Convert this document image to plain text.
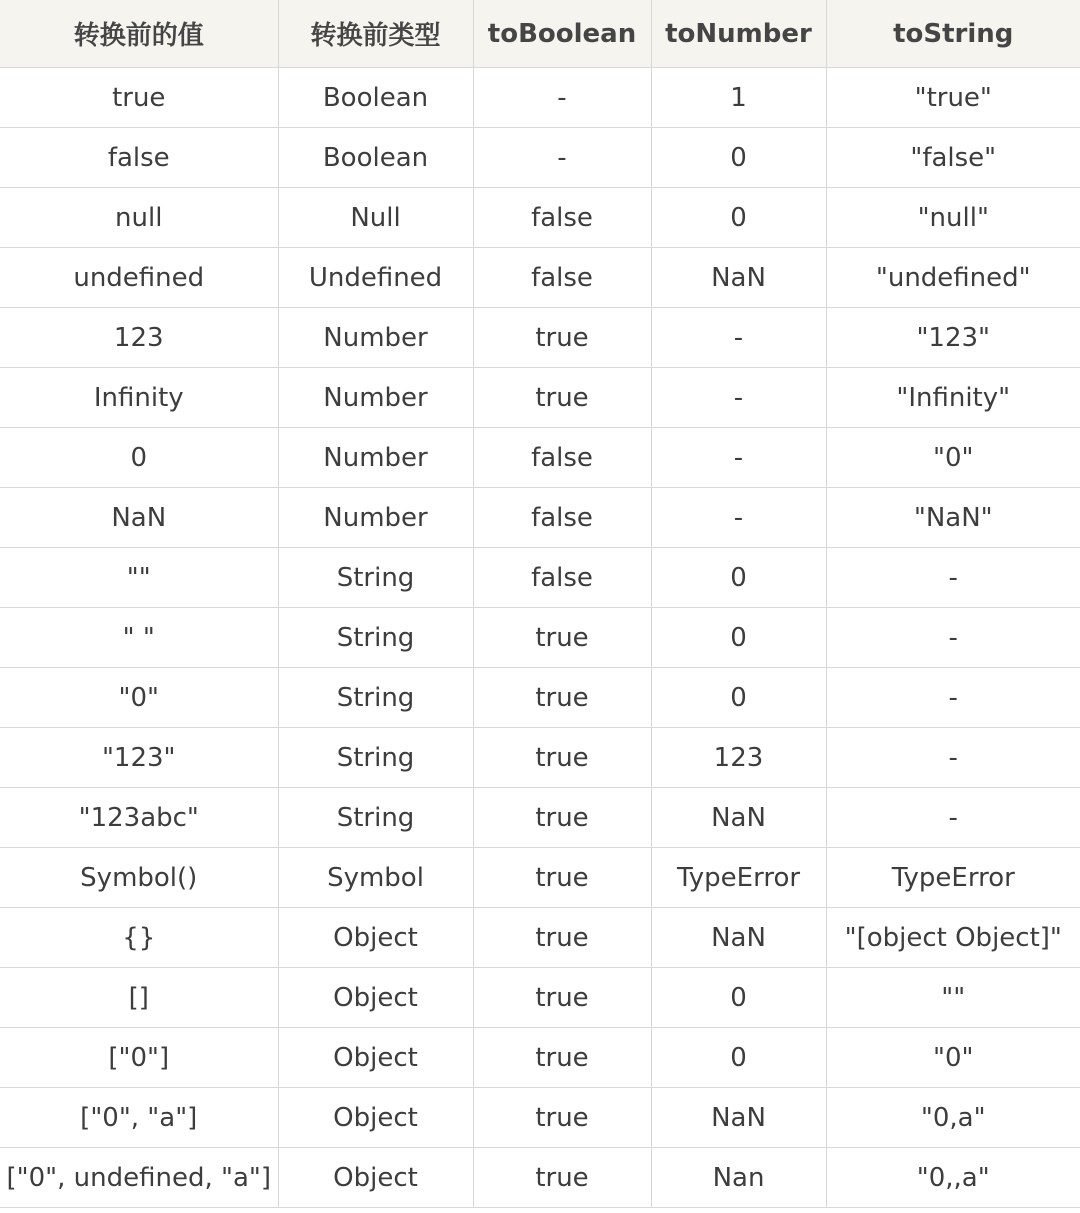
转换前的值	转换前类型	toBoolean	toNumber	toString
true	Boolean	-	1	"true"
false	Boolean	-	0	"false"
null	Null	false	0	"null"
undefined	Undefined	false	NaN	"undefined"
123	Number	true	-	"123"
Infinity	Number	true	-	"Infinity"
0	Number	false	-	"0"
NaN	Number	false	-	"NaN"
""	String	false	0	-
" "	String	true	0	-
"0"	String	true	0	-
"123"	String	true	123	-
"123abc"	String	true	NaN	-
Symbol()	Symbol	true	TypeError	TypeError
{}	Object	true	NaN	"[object Object]"
[]	Object	true	0	""
["0"]	Object	true	0	"0"
["0", "a"]	Object	true	NaN	"0,a"
["0", undefined, "a"]	Object	true	Nan	"0,,a"
